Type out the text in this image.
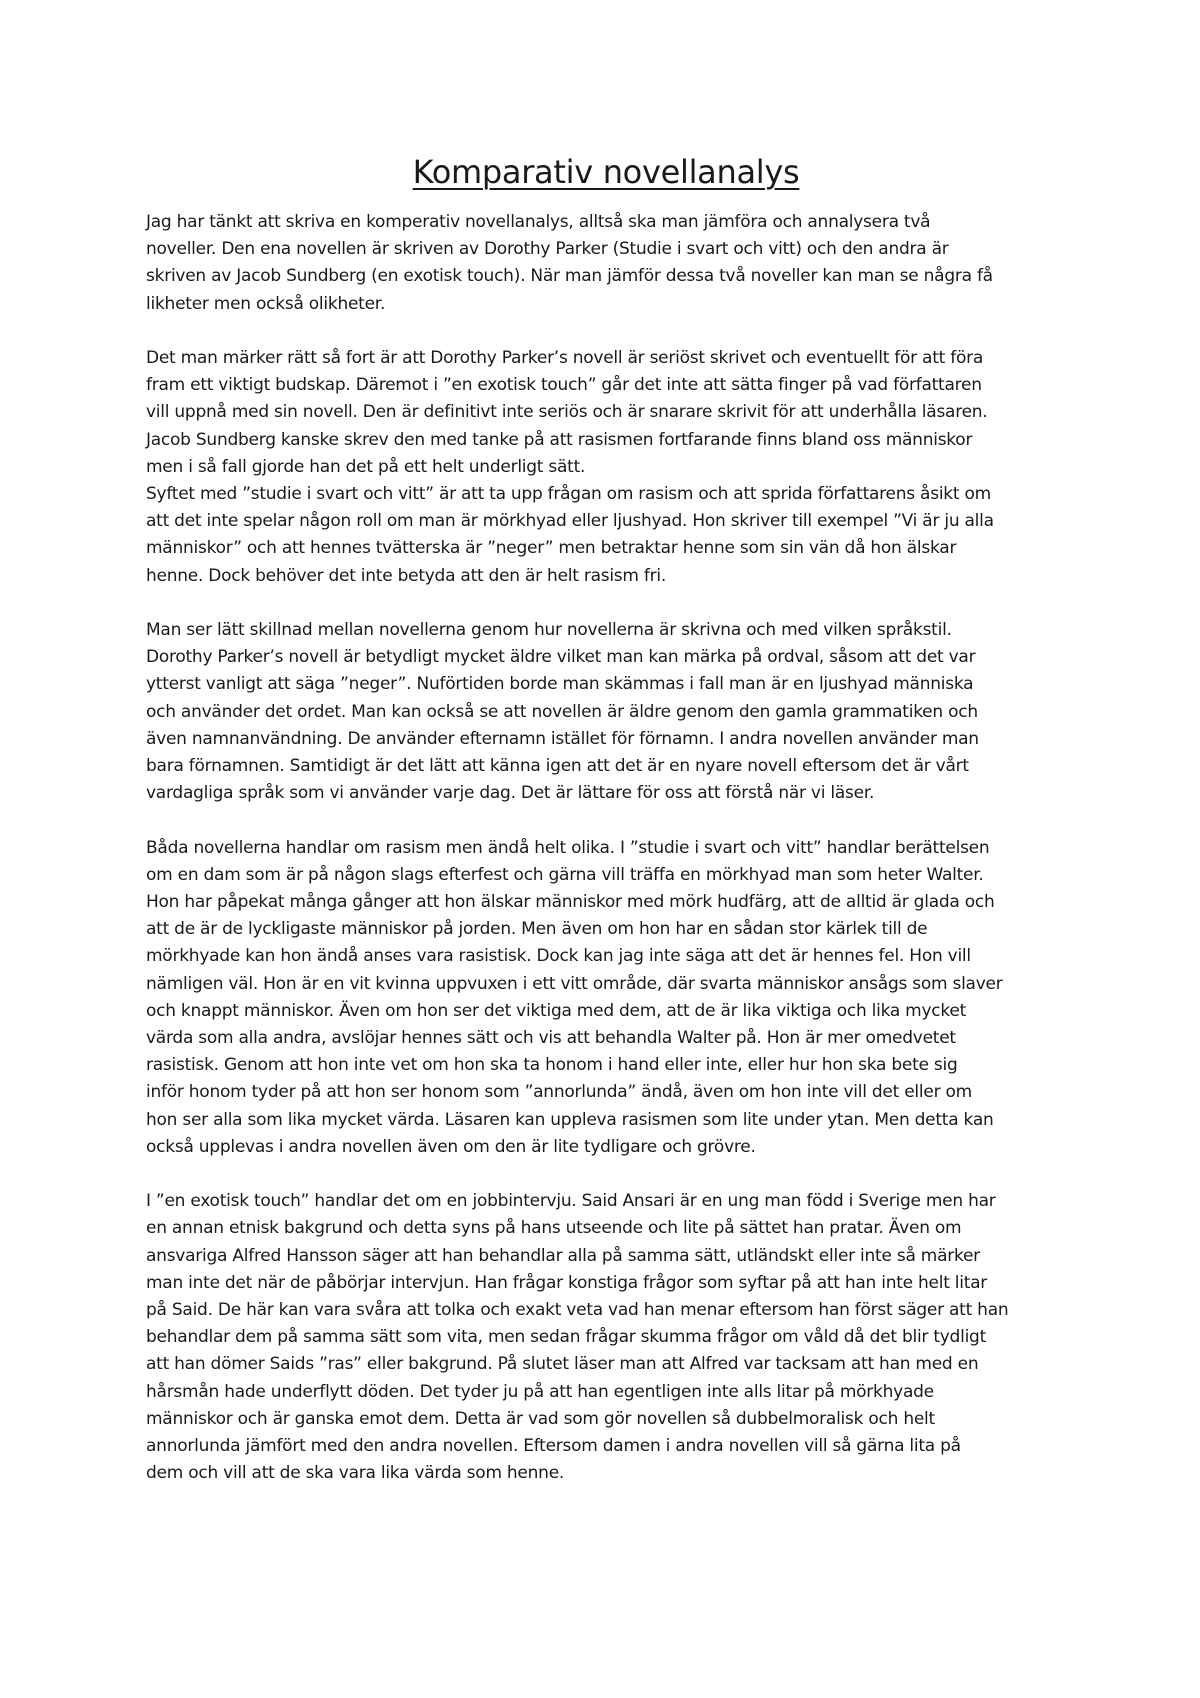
Komparativ novellanalys

Jag har tänkt att skriva en komperativ novellanalys, alltså ska man jämföra och annalysera två
noveller. Den ena novellen är skriven av Dorothy Parker (Studie i svart och vitt) och den andra är
skriven av Jacob Sundberg (en exotisk touch). När man jämför dessa två noveller kan man se några få
likheter men också olikheter.

Det man märker rätt så fort är att Dorothy Parker’s novell är seriöst skrivet och eventuellt för att föra
fram ett viktigt budskap. Däremot i ”en exotisk touch” går det inte att sätta finger på vad författaren
vill uppnå med sin novell. Den är definitivt inte seriös och är snarare skrivit för att underhålla läsaren.
Jacob Sundberg kanske skrev den med tanke på att rasismen fortfarande finns bland oss människor
men i så fall gjorde han det på ett helt underligt sätt.

Syftet med ”studie i svart och vitt” är att ta upp frågan om rasism och att sprida författarens åsikt om
att det inte spelar någon roll om man är mörkhyad eller ljushyad. Hon skriver till exempel ”Vi är ju alla
människor” och att hennes tvätterska är ”neger” men betraktar henne som sin vän då hon älskar
henne. Dock behöver det inte betyda att den är helt rasism fri.

Man ser lätt skillnad mellan novellerna genom hur novellerna är skrivna och med vilken språkstil.
Dorothy Parker’s novell är betydligt mycket äldre vilket man kan märka på ordval, såsom att det var
ytterst vanligt att säga ”neger”. Nuförtiden borde man skämmas i fall man är en ljushyad människa
och använder det ordet. Man kan också se att novellen är äldre genom den gamla grammatiken och
även namnanvändning. De använder efternamn istället för förnamn. I andra novellen använder man
bara förnamnen. Samtidigt är det lätt att känna igen att det är en nyare novell eftersom det är vårt
vardagliga språk som vi använder varje dag. Det är lättare för oss att förstå när vi läser.

Båda novellerna handlar om rasism men ändå helt olika. I ”studie i svart och vitt” handlar berättelsen
om en dam som är på någon slags efterfest och gärna vill träffa en mörkhyad man som heter Walter.
Hon har påpekat många gånger att hon älskar människor med mörk hudfärg, att de alltid är glada och
att de är de lyckligaste människor på jorden. Men även om hon har en sådan stor kärlek till de
mörkhyade kan hon ändå anses vara rasistisk. Dock kan jag inte säga att det är hennes fel. Hon vill
nämligen väl. Hon är en vit kvinna uppvuxen i ett vitt område, där svarta människor ansågs som slaver
och knappt människor. Även om hon ser det viktiga med dem, att de är lika viktiga och lika mycket
värda som alla andra, avslöjar hennes sätt och vis att behandla Walter på. Hon är mer omedvetet
rasistisk. Genom att hon inte vet om hon ska ta honom i hand eller inte, eller hur hon ska bete sig
inför honom tyder på att hon ser honom som ”annorlunda” ändå, även om hon inte vill det eller om
hon ser alla som lika mycket värda. Läsaren kan uppleva rasismen som lite under ytan. Men detta kan
också upplevas i andra novellen även om den är lite tydligare och grövre.

I ”en exotisk touch” handlar det om en jobbintervju. Said Ansari är en ung man född i Sverige men har
en annan etnisk bakgrund och detta syns på hans utseende och lite på sättet han pratar. Även om
ansvariga Alfred Hansson säger att han behandlar alla på samma sätt, utländskt eller inte så märker
man inte det när de påbörjar intervjun. Han frågar konstiga frågor som syftar på att han inte helt litar
på Said. De här kan vara svåra att tolka och exakt veta vad han menar eftersom han först säger att han
behandlar dem på samma sätt som vita, men sedan frågar skumma frågor om våld då det blir tydligt
att han dömer Saids ”ras” eller bakgrund. På slutet läser man att Alfred var tacksam att han med en
hårsmån hade underflytt döden. Det tyder ju på att han egentligen inte alls litar på mörkhyade
människor och är ganska emot dem. Detta är vad som gör novellen så dubbelmoralisk och helt
annorlunda jämfört med den andra novellen. Eftersom damen i andra novellen vill så gärna lita på
dem och vill att de ska vara lika värda som henne.
